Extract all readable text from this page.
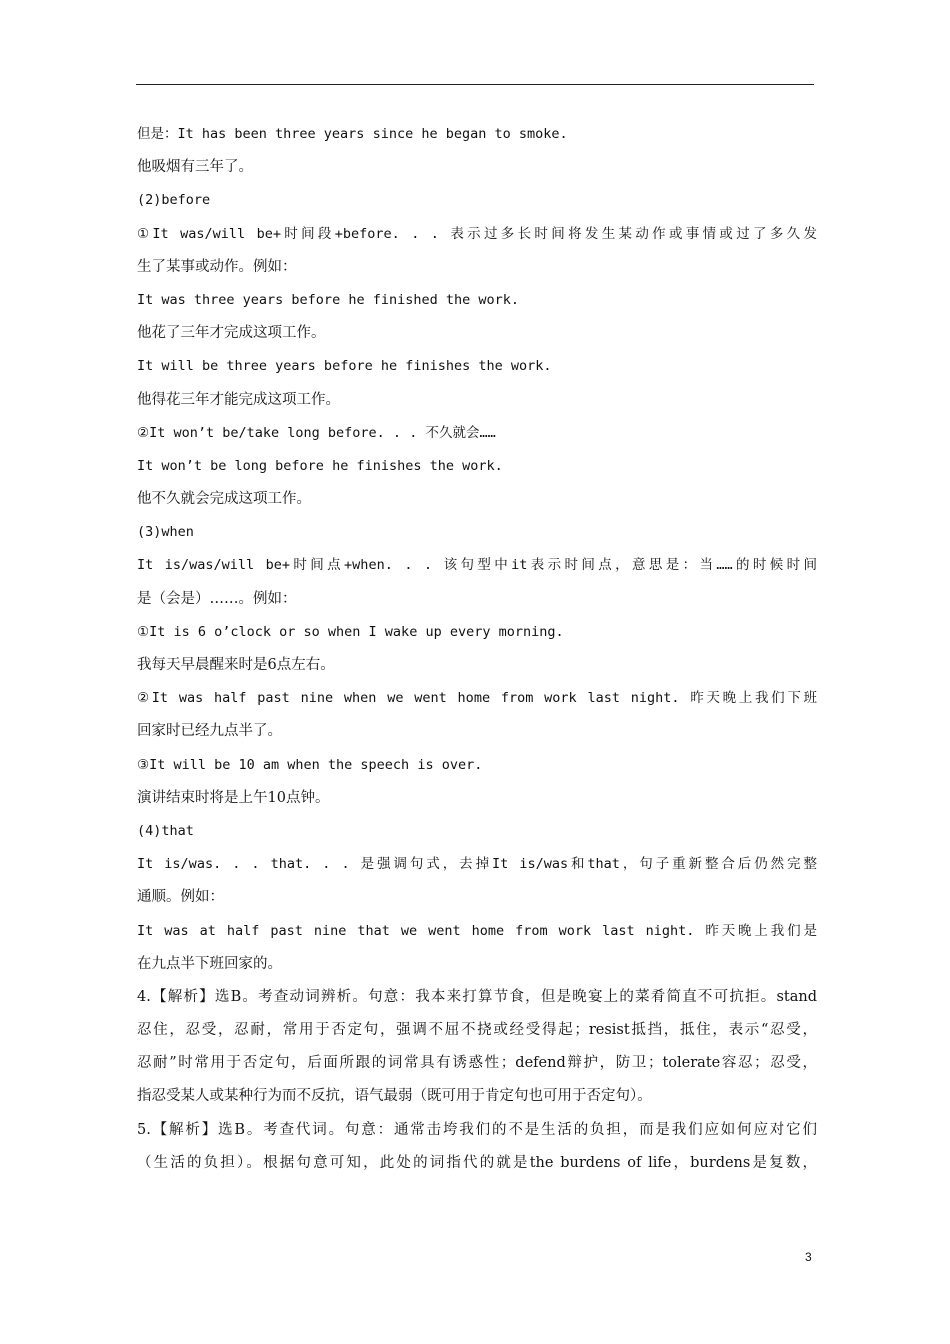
但是：It has been three years since he began to smoke.
他吸烟有三年了。
(2)before
①It was/will be+时间段+before. . . 表示过多长时间将发生某动作或事情或过了多久发
生了某事或动作。例如：
It was three years before he finished the work.
他花了三年才完成这项工作。
It will be three years before he finishes the work.
他得花三年才能完成这项工作。
②It won’t be/take long before. . . 不久就会……
It won’t be long before he finishes the work.
他不久就会完成这项工作。
(3)when
It is/was/will be+时间点+when. . . 该句型中it表示时间点，意思是：当……的时候时间
是（会是）……。例如：
①It is 6 o’clock or so when I wake up every morning.
我每天早晨醒来时是6点左右。
②It was half past nine when we went home from work last night. 昨天晚上我们下班
回家时已经九点半了。
③It will be 10 am when the speech is over.
演讲结束时将是上午10点钟。
(4)that
It is/was. . . that. . . 是强调句式，去掉It is/was和that，句子重新整合后仍然完整
通顺。例如：
It was at half past nine that we went home from work last night. 昨天晚上我们是
在九点半下班回家的。
4.【解析】选B。考查动词辨析。句意：我本来打算节食，但是晚宴上的菜肴简直不可抗拒。stand
忍住，忍受，忍耐，常用于否定句，强调不屈不挠或经受得起；resist抵挡，抵住，表示“忍受，
忍耐”时常用于否定句，后面所跟的词常具有诱惑性；defend辩护，防卫；tolerate容忍；忍受，
指忍受某人或某种行为而不反抗，语气最弱（既可用于肯定句也可用于否定句）。
5.【解析】选B。考查代词。句意：通常击垮我们的不是生活的负担，而是我们应如何应对它们
（生活的负担）。根据句意可知，此处的词指代的就是the burdens of life，burdens是复数，
3
